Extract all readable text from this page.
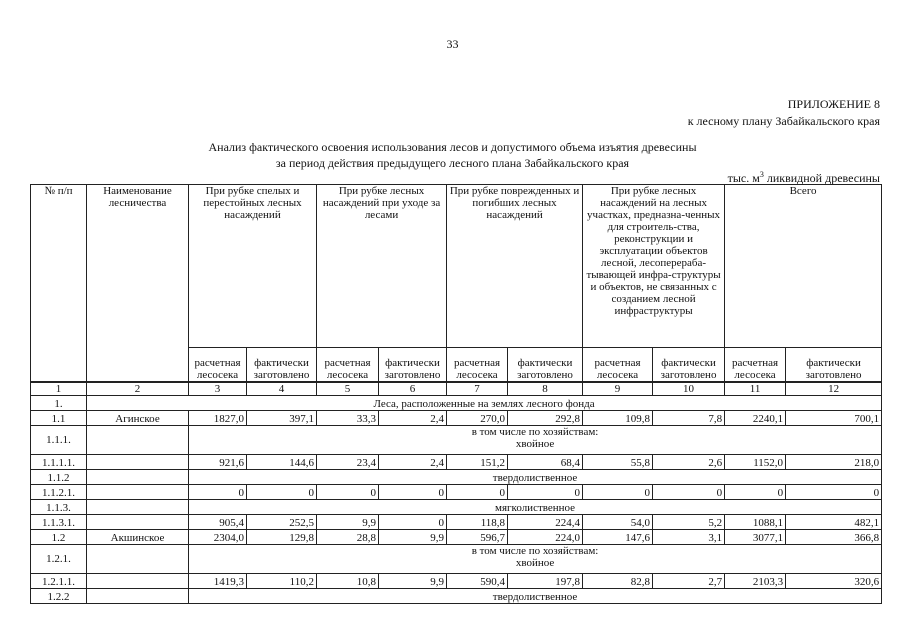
33
ПРИЛОЖЕНИЕ 8
к лесному плану Забайкальского края
Анализ фактического освоения использования лесов и допустимого объема изъятия древесины
за период действия предыдущего лесного плана Забайкальского края
тыс. $м^3$ ликвидной древесины
№ п/п	Наименование лесничества	При рубке спелых и перестойных лесных насаждений		При рубке лесных насаждений при уходе за лесами		При рубке поврежденных и погибших лесных насаждений		При рубке лесных насаждений на лесных участках, предназна-ченных для строитель-ства, реконструкции и эксплуатации объектов лесной, лесоперераба-тывающей инфра-структуры и объектов, не связанных с созданием лесной инфраструктуры		Всего	
		расчетная лесосека	фактически заготовлено	расчетная лесосека	фактически заготовлено	расчетная лесосека	фактически заготовлено	расчетная лесосека	фактически заготовлено	расчетная лесосека	фактически заготовлено
1	2	3	4	5	6	7	8	9	10	11	12
1.	Леса, расположенные на землях лесного фонда										
1.1	Агинское	1827,0	397,1	33,3	2,4	270,0	292,8	109,8	7,8	2240,1	700,1
1.1.1.		в том числе по хозяйствам:
хвойное									

1.1.1.1.		921,6	144,6	23,4	2,4	151,2	68,4	55,8	2,6	1152,0	218,0
1.1.2		твердолиственное									
1.1.2.1.		0	0	0	0	0	0	0	0	0	0
1.1.3.		мягколиственное									
1.1.3.1.		905,4	252,5	9,9	0	118,8	224,4	54,0	5,2	1088,1	482,1
1.2	Акшинское	2304,0	129,8	28,8	9,9	596,7	224,0	147,6	3,1	3077,1	366,8
1.2.1.		в том числе по хозяйствам:
хвойное									

1.2.1.1.		1419,3	110,2	10,8	9,9	590,4	197,8	82,8	2,7	2103,3	320,6
1.2.2		твердолиственное									
